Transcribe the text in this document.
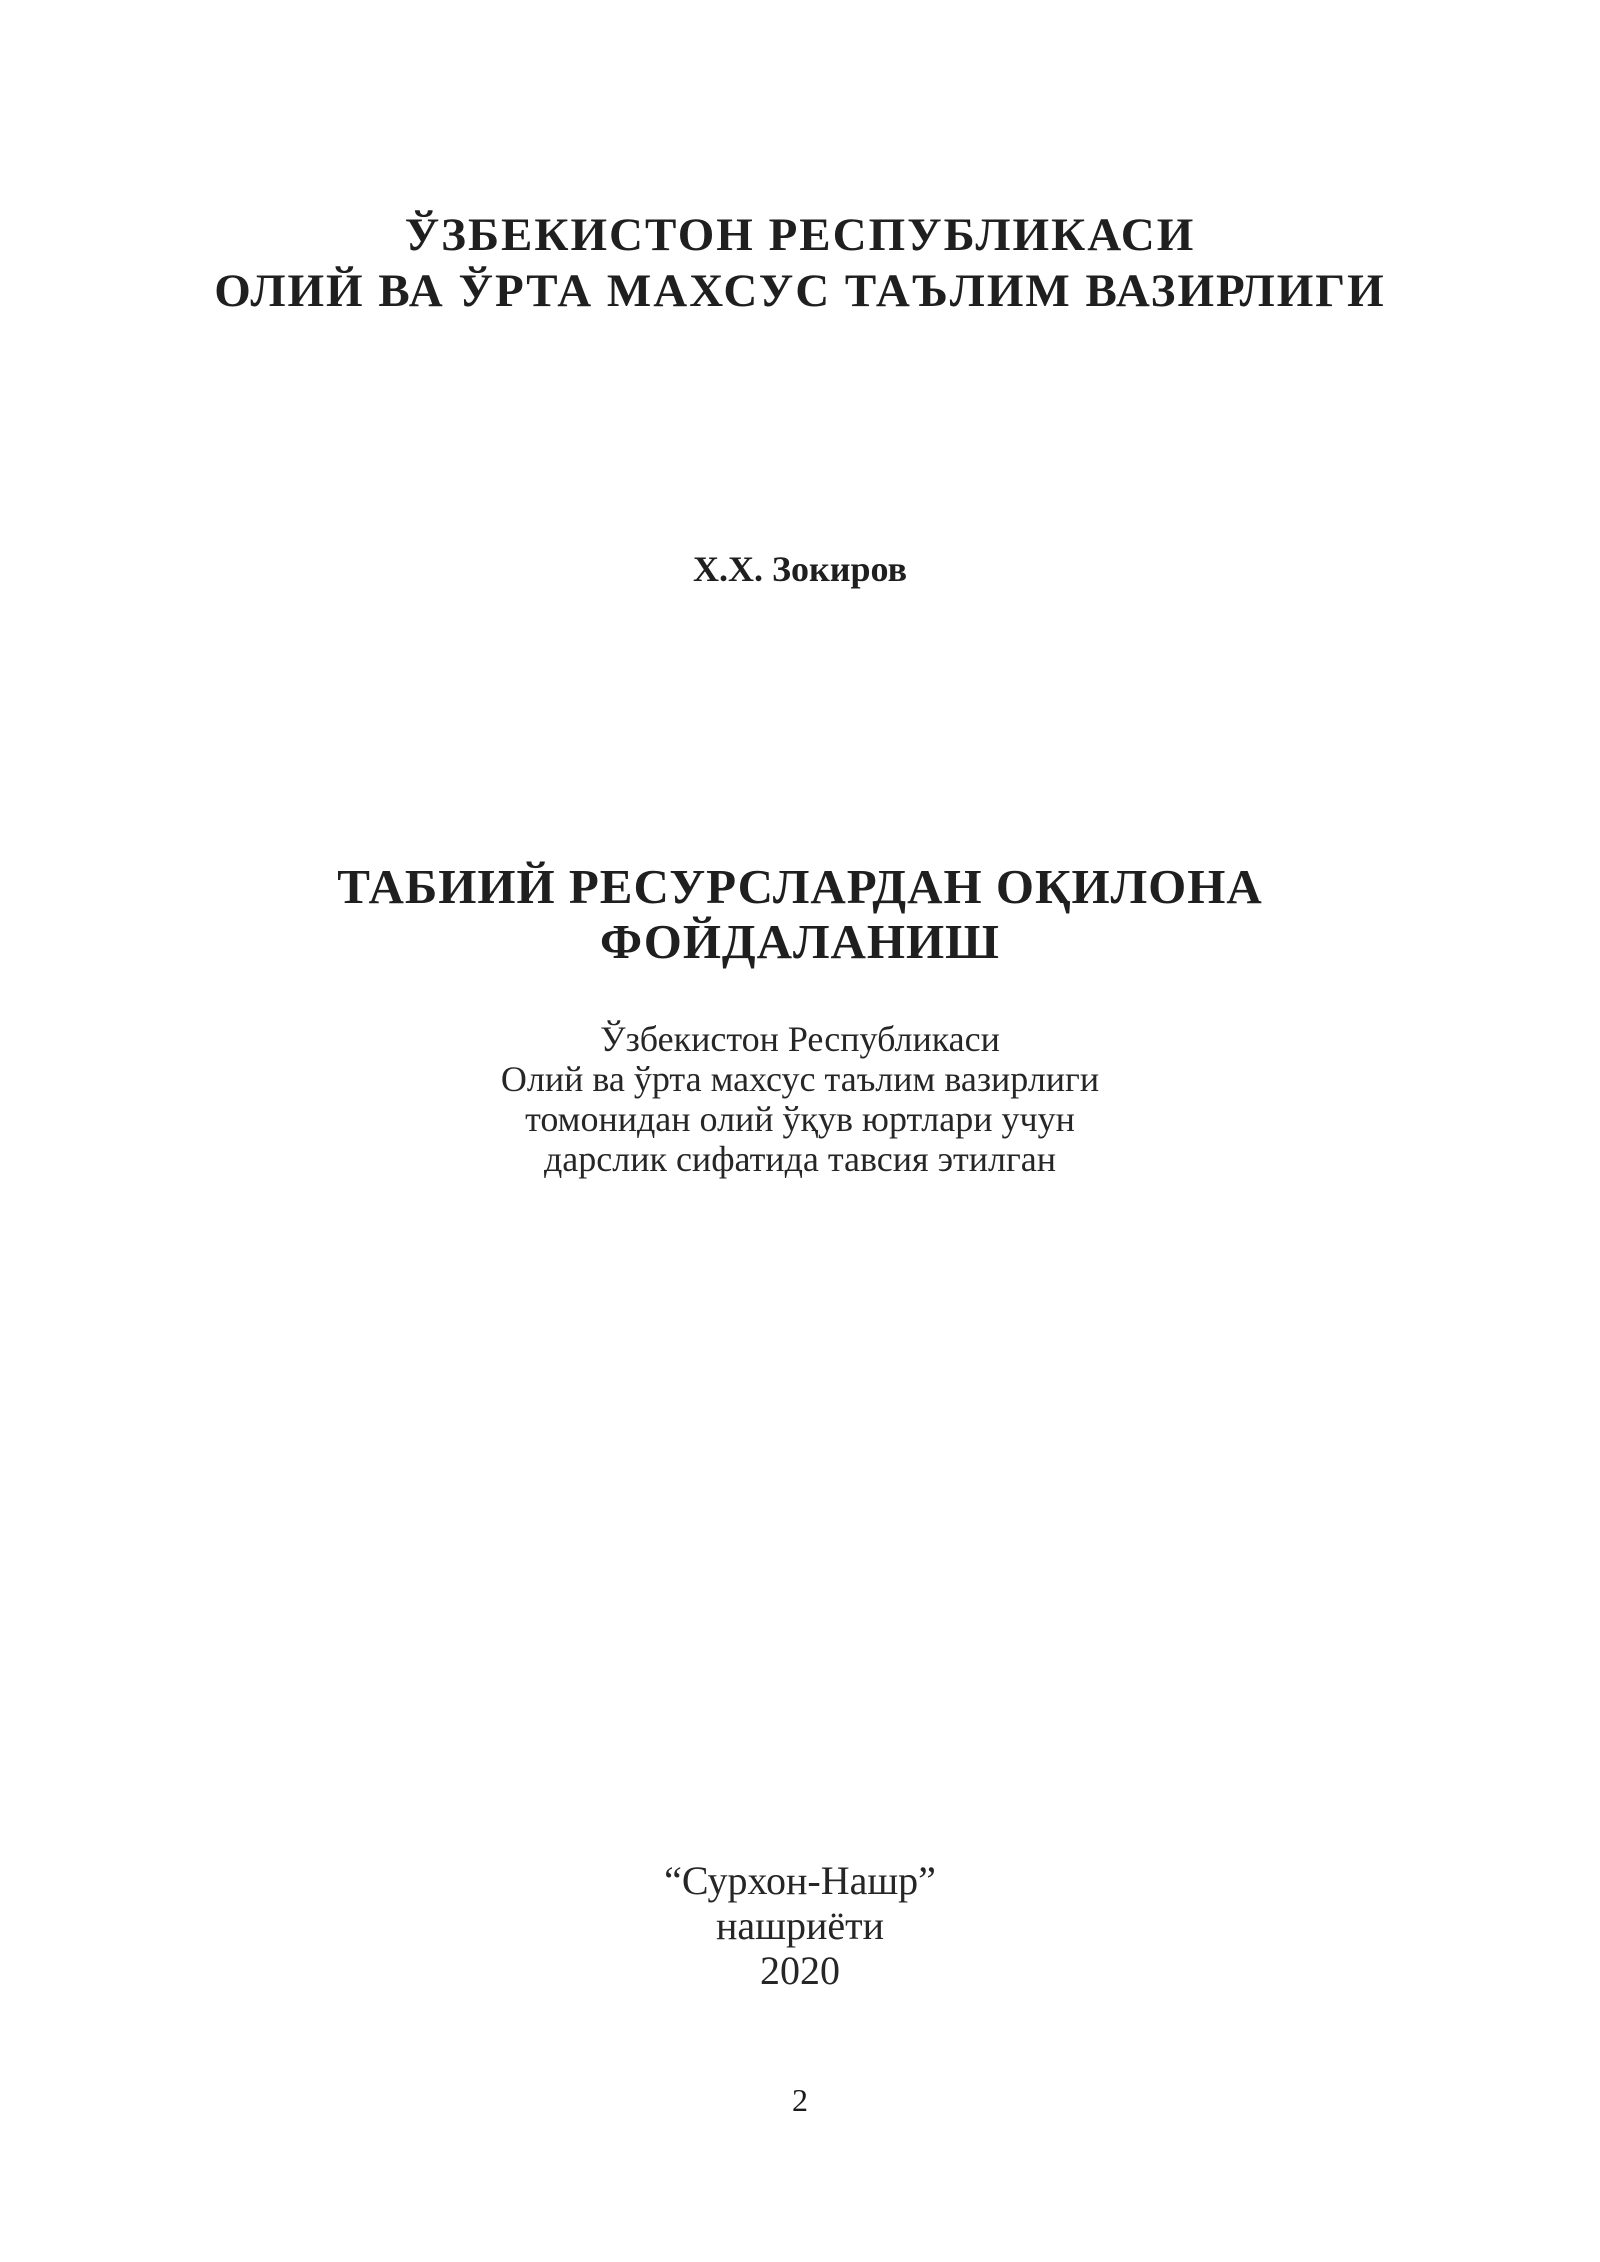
ЎЗБЕКИСТОН РЕСПУБЛИКАСИ
ОЛИЙ ВА ЎРТА МАХСУС ТАЪЛИМ ВАЗИРЛИГИ
Х.Х. Зокиров
ТАБИИЙ РЕСУРСЛАРДАН ОҚИЛОНА
ФОЙДАЛАНИШ
Ўзбекистон Республикаси
Олий ва ўрта махсус таълим вазирлиги
томонидан олий ўқув юртлари учун
дарслик сифатида тавсия этилган
“Сурхон-Нашр”
нашриёти
2020
2
